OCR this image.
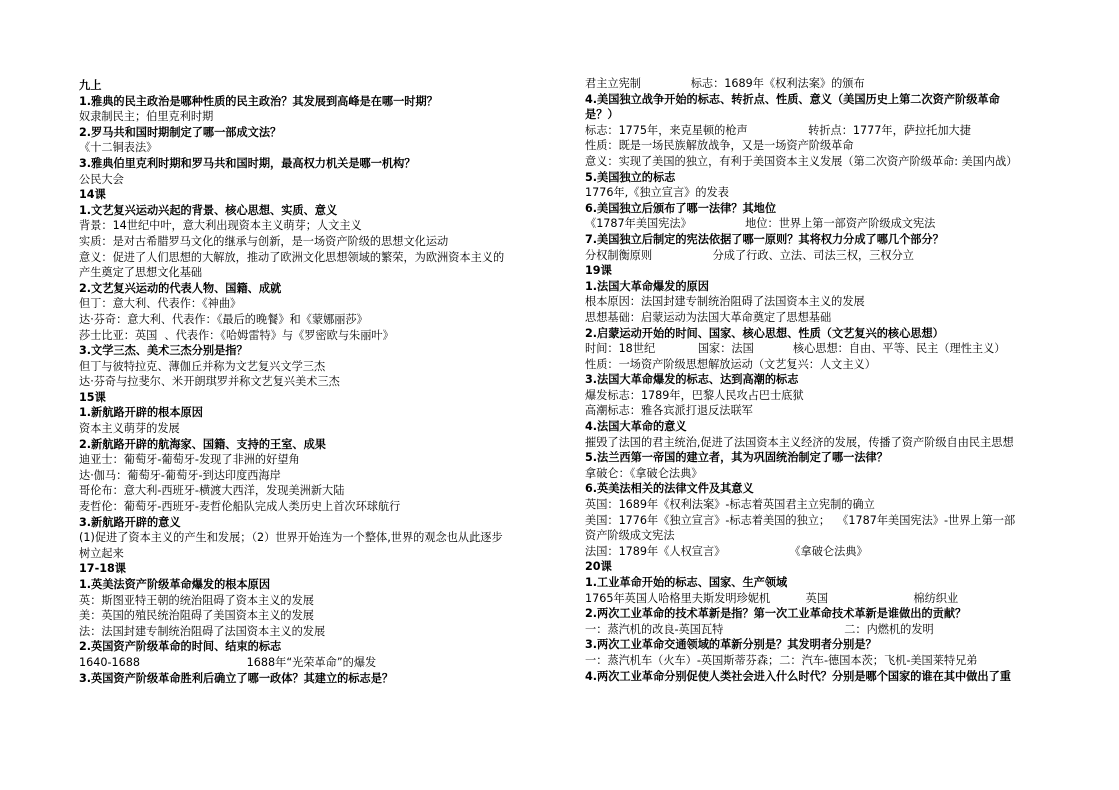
九上
1.雅典的民主政治是哪种性质的民主政治？其发展到高峰是在哪一时期？
奴隶制民主；伯里克利时期
2.罗马共和国时期制定了哪一部成文法？
《十二铜表法》
3.雅典伯里克利时期和罗马共和国时期，最高权力机关是哪一机构？
公民大会
14课
1.文艺复兴运动兴起的背景、核心思想、实质、意义
背景：14世纪中叶，意大利出现资本主义萌芽；人文主义
实质：是对古希腊罗马文化的继承与创新，是一场资产阶级的思想文化运动
意义：促进了人们思想的大解放，推动了欧洲文化思想领域的繁荣，为欧洲资本主义的
产生奠定了思想文化基础
2.文艺复兴运动的代表人物、国籍、成就
但丁：意大利、代表作：《神曲》
达·芬奇：意大利、代表作：《最后的晚餐》和《蒙娜丽莎》
莎士比亚：英国  、代表作：《哈姆雷特》与《罗密欧与朱丽叶》
3.文学三杰、美术三杰分别是指？
但丁与彼特拉克、薄伽丘并称为文艺复兴文学三杰
达·芬奇与拉斐尔、米开朗琪罗并称文艺复兴美术三杰
15课
1.新航路开辟的根本原因
资本主义萌芽的发展
2.新航路开辟的航海家、国籍、支持的王室、成果
迪亚士：葡萄牙-葡萄牙-发现了非洲的好望角
达·伽马：葡萄牙-葡萄牙-到达印度西海岸
哥伦布：意大利-西班牙-横渡大西洋，发现美洲新大陆
麦哲伦：葡萄牙-西班牙-麦哲伦船队完成人类历史上首次环球航行
3.新航路开辟的意义
(1)促进了资本主义的产生和发展；（2）世界开始连为一个整体,世界的观念也从此逐步
树立起来
17-18课
1.英美法资产阶级革命爆发的根本原因
英：斯图亚特王朝的统治阻碍了资本主义的发展
美：英国的殖民统治阻碍了美国资本主义的发展
法：法国封建专制统治阻碍了法国资本主义的发展
2.英国资产阶级革命的时间、结束的标志
1640-1688                              1688年“光荣革命”的爆发
3.英国资产阶级革命胜利后确立了哪一政体？其建立的标志是？
君主立宪制              标志：1689年《权利法案》的颁布
4.美国独立战争开始的标志、转折点、性质、意义（美国历史上第二次资产阶级革命
是？）
标志：1775年，来克星顿的枪声                 转折点：1777年，萨拉托加大捷
性质：既是一场民族解放战争，又是一场资产阶级革命
意义：实现了美国的独立，有利于美国资本主义发展（第二次资产阶级革命: 美国内战）
5.美国独立的标志
1776年,《独立宣言》的发表
6.美国独立后颁布了哪一法律？其地位
《1787年美国宪法》               地位：世界上第一部资产阶级成文宪法
7.美国独立后制定的宪法依据了哪一原则？其将权力分成了哪几个部分？
分权制衡原则                 分成了行政、立法、司法三权，三权分立
19课
1.法国大革命爆发的原因
根本原因：法国封建专制统治阻碍了法国资本主义的发展
思想基础：启蒙运动为法国大革命奠定了思想基础
2.启蒙运动开始的时间、国家、核心思想、性质（文艺复兴的核心思想）
时间：18世纪            国家：法国           核心思想：自由、平等、民主（理性主义）
性质：一场资产阶级思想解放运动（文艺复兴：人文主义）
3.法国大革命爆发的标志、达到高潮的标志
爆发标志：1789年，巴黎人民攻占巴士底狱
高潮标志：雅各宾派打退反法联军
4.法国大革命的意义
摧毁了法国的君主统治,促进了法国资本主义经济的发展，传播了资产阶级自由民主思想
5.法兰西第一帝国的建立者，其为巩固统治制定了哪一法律？
拿破仑：《拿破仑法典》
6.英美法相关的法律文件及其意义
英国：1689年《权利法案》-标志着英国君主立宪制的确立
美国：1776年《独立宣言》-标志着美国的独立；  《1787年美国宪法》-世界上第一部
资产阶级成文宪法
法国：1789年《人权宣言》                  《拿破仑法典》
20课
1.工业革命开始的标志、国家、生产领域
1765年英国人哈格里夫斯发明珍妮机          英国                        棉纺织业
2.两次工业革命的技术革新是指？第一次工业革命技术革新是谁做出的贡献？
一：蒸汽机的改良-英国瓦特                                  二：内燃机的发明
3.两次工业革命交通领域的革新分别是？其发明者分别是？
一：蒸汽机车（火车）-英国斯蒂芬森；二：汽车-德国本茨；飞机-美国莱特兄弟
4.两次工业革命分别促使人类社会进入什么时代？分别是哪个国家的谁在其中做出了重
